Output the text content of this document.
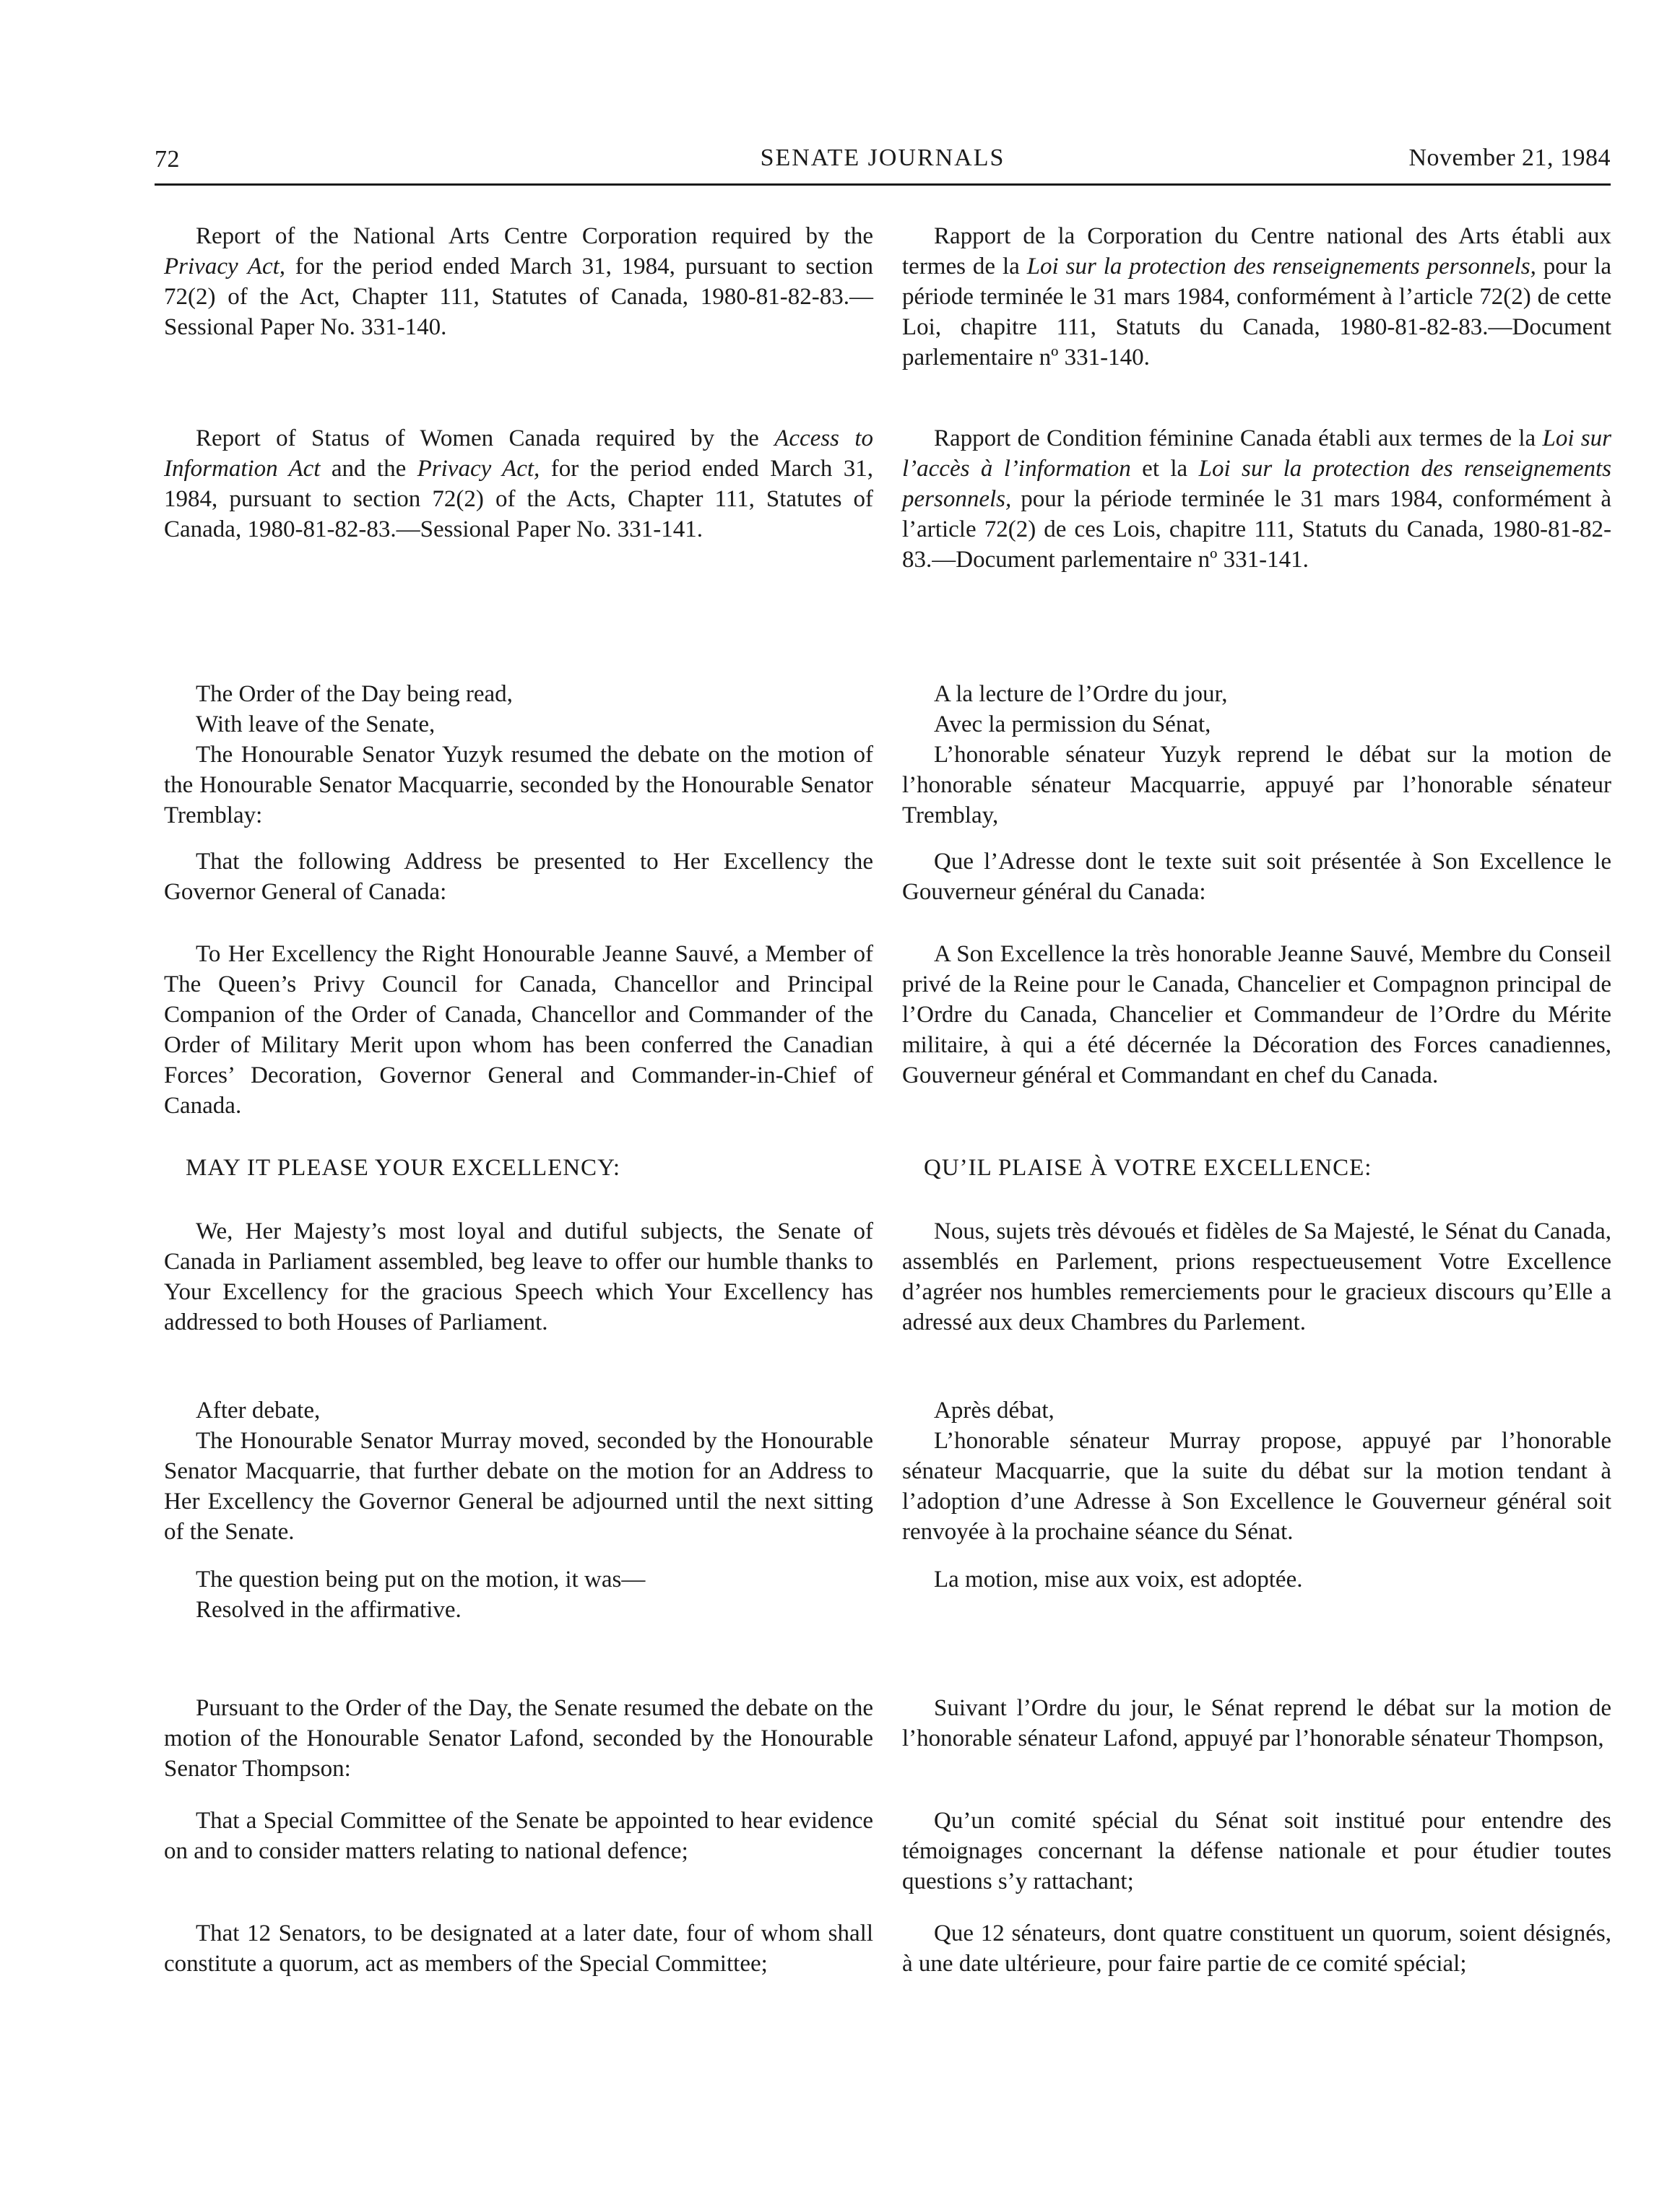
72	SENATE JOURNALS	November 21, 1984

Report of the National Arts Centre Corporation required by the Privacy Act, for the period ended March 31, 1984, pursuant to section 72(2) of the Act, Chapter 111, Statutes of Canada, 1980-81-82-83.—Sessional Paper No. 331-140.

Report of Status of Women Canada required by the Access to Information Act and the Privacy Act, for the period ended March 31, 1984, pursuant to section 72(2) of the Acts, Chapter 111, Statutes of Canada, 1980-81-82-83.—Sessional Paper No. 331-141.

The Order of the Day being read,

With leave of the Senate,

The Honourable Senator Yuzyk resumed the debate on the motion of the Honourable Senator Macquarrie, seconded by the Honourable Senator Tremblay:

That the following Address be presented to Her Excellency the Governor General of Canada:
To Her Excellency the Right Honourable Jeanne Sauvé, a Member of The Queen’s Privy Council for Canada, Chancellor and Principal Companion of the Order of Canada, Chancellor and Commander of the Order of Military Merit upon whom has been conferred the Canadian Forces’ Decoration, Governor General and Commander-in-Chief of Canada.

MAY IT PLEASE YOUR EXCELLENCY:

We, Her Majesty’s most loyal and dutiful subjects, the Senate of Canada in Parliament assembled, beg leave to offer our humble thanks to Your Excellency for the gracious Speech which Your Excellency has addressed to both Houses of Parliament.

After debate,

The Honourable Senator Murray moved, seconded by the Honourable Senator Macquarrie, that further debate on the motion for an Address to Her Excellency the Governor General be adjourned until the next sitting of the Senate.

The question being put on the motion, it was—

Resolved in the affirmative.

Pursuant to the Order of the Day, the Senate resumed the debate on the motion of the Honourable Senator Lafond, seconded by the Honourable Senator Thompson:
That a Special Committee of the Senate be appointed to hear evidence on and to consider matters relating to national defence;
That 12 Senators, to be designated at a later date, four of whom shall constitute a quorum, act as members of the Special Committee;

Rapport de la Corporation du Centre national des Arts établi aux termes de la Loi sur la protection des renseignements personnels, pour la période terminée le 31 mars 1984, conformément à l’article 72(2) de cette Loi, chapitre 111, Statuts du Canada, 1980-81-82-83.—Document parlementaire nº 331-140.

Rapport de Condition féminine Canada établi aux termes de la Loi sur l’accès à l’information et la Loi sur la protection des renseignements personnels, pour la période terminée le 31 mars 1984, conformément à l’article 72(2) de ces Lois, chapitre 111, Statuts du Canada, 1980-81-82-83.—Document parlementaire nº 331-141.

A la lecture de l’Ordre du jour,

Avec la permission du Sénat,

L’honorable sénateur Yuzyk reprend le débat sur la motion de l’honorable sénateur Macquarrie, appuyé par l’honorable sénateur Tremblay,

Que l’Adresse dont le texte suit soit présentée à Son Excellence le Gouverneur général du Canada:
A Son Excellence la très honorable Jeanne Sauvé, Membre du Conseil privé de la Reine pour le Canada, Chancelier et Compagnon principal de l’Ordre du Canada, Chancelier et Commandeur de l’Ordre du Mérite militaire, à qui a été décernée la Décoration des Forces canadiennes, Gouverneur général et Commandant en chef du Canada.

QU’IL PLAISE À VOTRE EXCELLENCE:

Nous, sujets très dévoués et fidèles de Sa Majesté, le Sénat du Canada, assemblés en Parlement, prions respectueusement Votre Excellence d’agréer nos humbles remerciements pour le gracieux discours qu’Elle a adressé aux deux Chambres du Parlement.

Après débat,

L’honorable sénateur Murray propose, appuyé par l’honorable sénateur Macquarrie, que la suite du débat sur la motion tendant à l’adoption d’une Adresse à Son Excellence le Gouverneur général soit renvoyée à la prochaine séance du Sénat.

La motion, mise aux voix, est adoptée.

Suivant l’Ordre du jour, le Sénat reprend le débat sur la motion de l’honorable sénateur Lafond, appuyé par l’honorable sénateur Thompson,
Qu’un comité spécial du Sénat soit institué pour entendre des témoignages concernant la défense nationale et pour étudier toutes questions s’y rattachant;
Que 12 sénateurs, dont quatre constituent un quorum, soient désignés, à une date ultérieure, pour faire partie de ce comité spécial;
